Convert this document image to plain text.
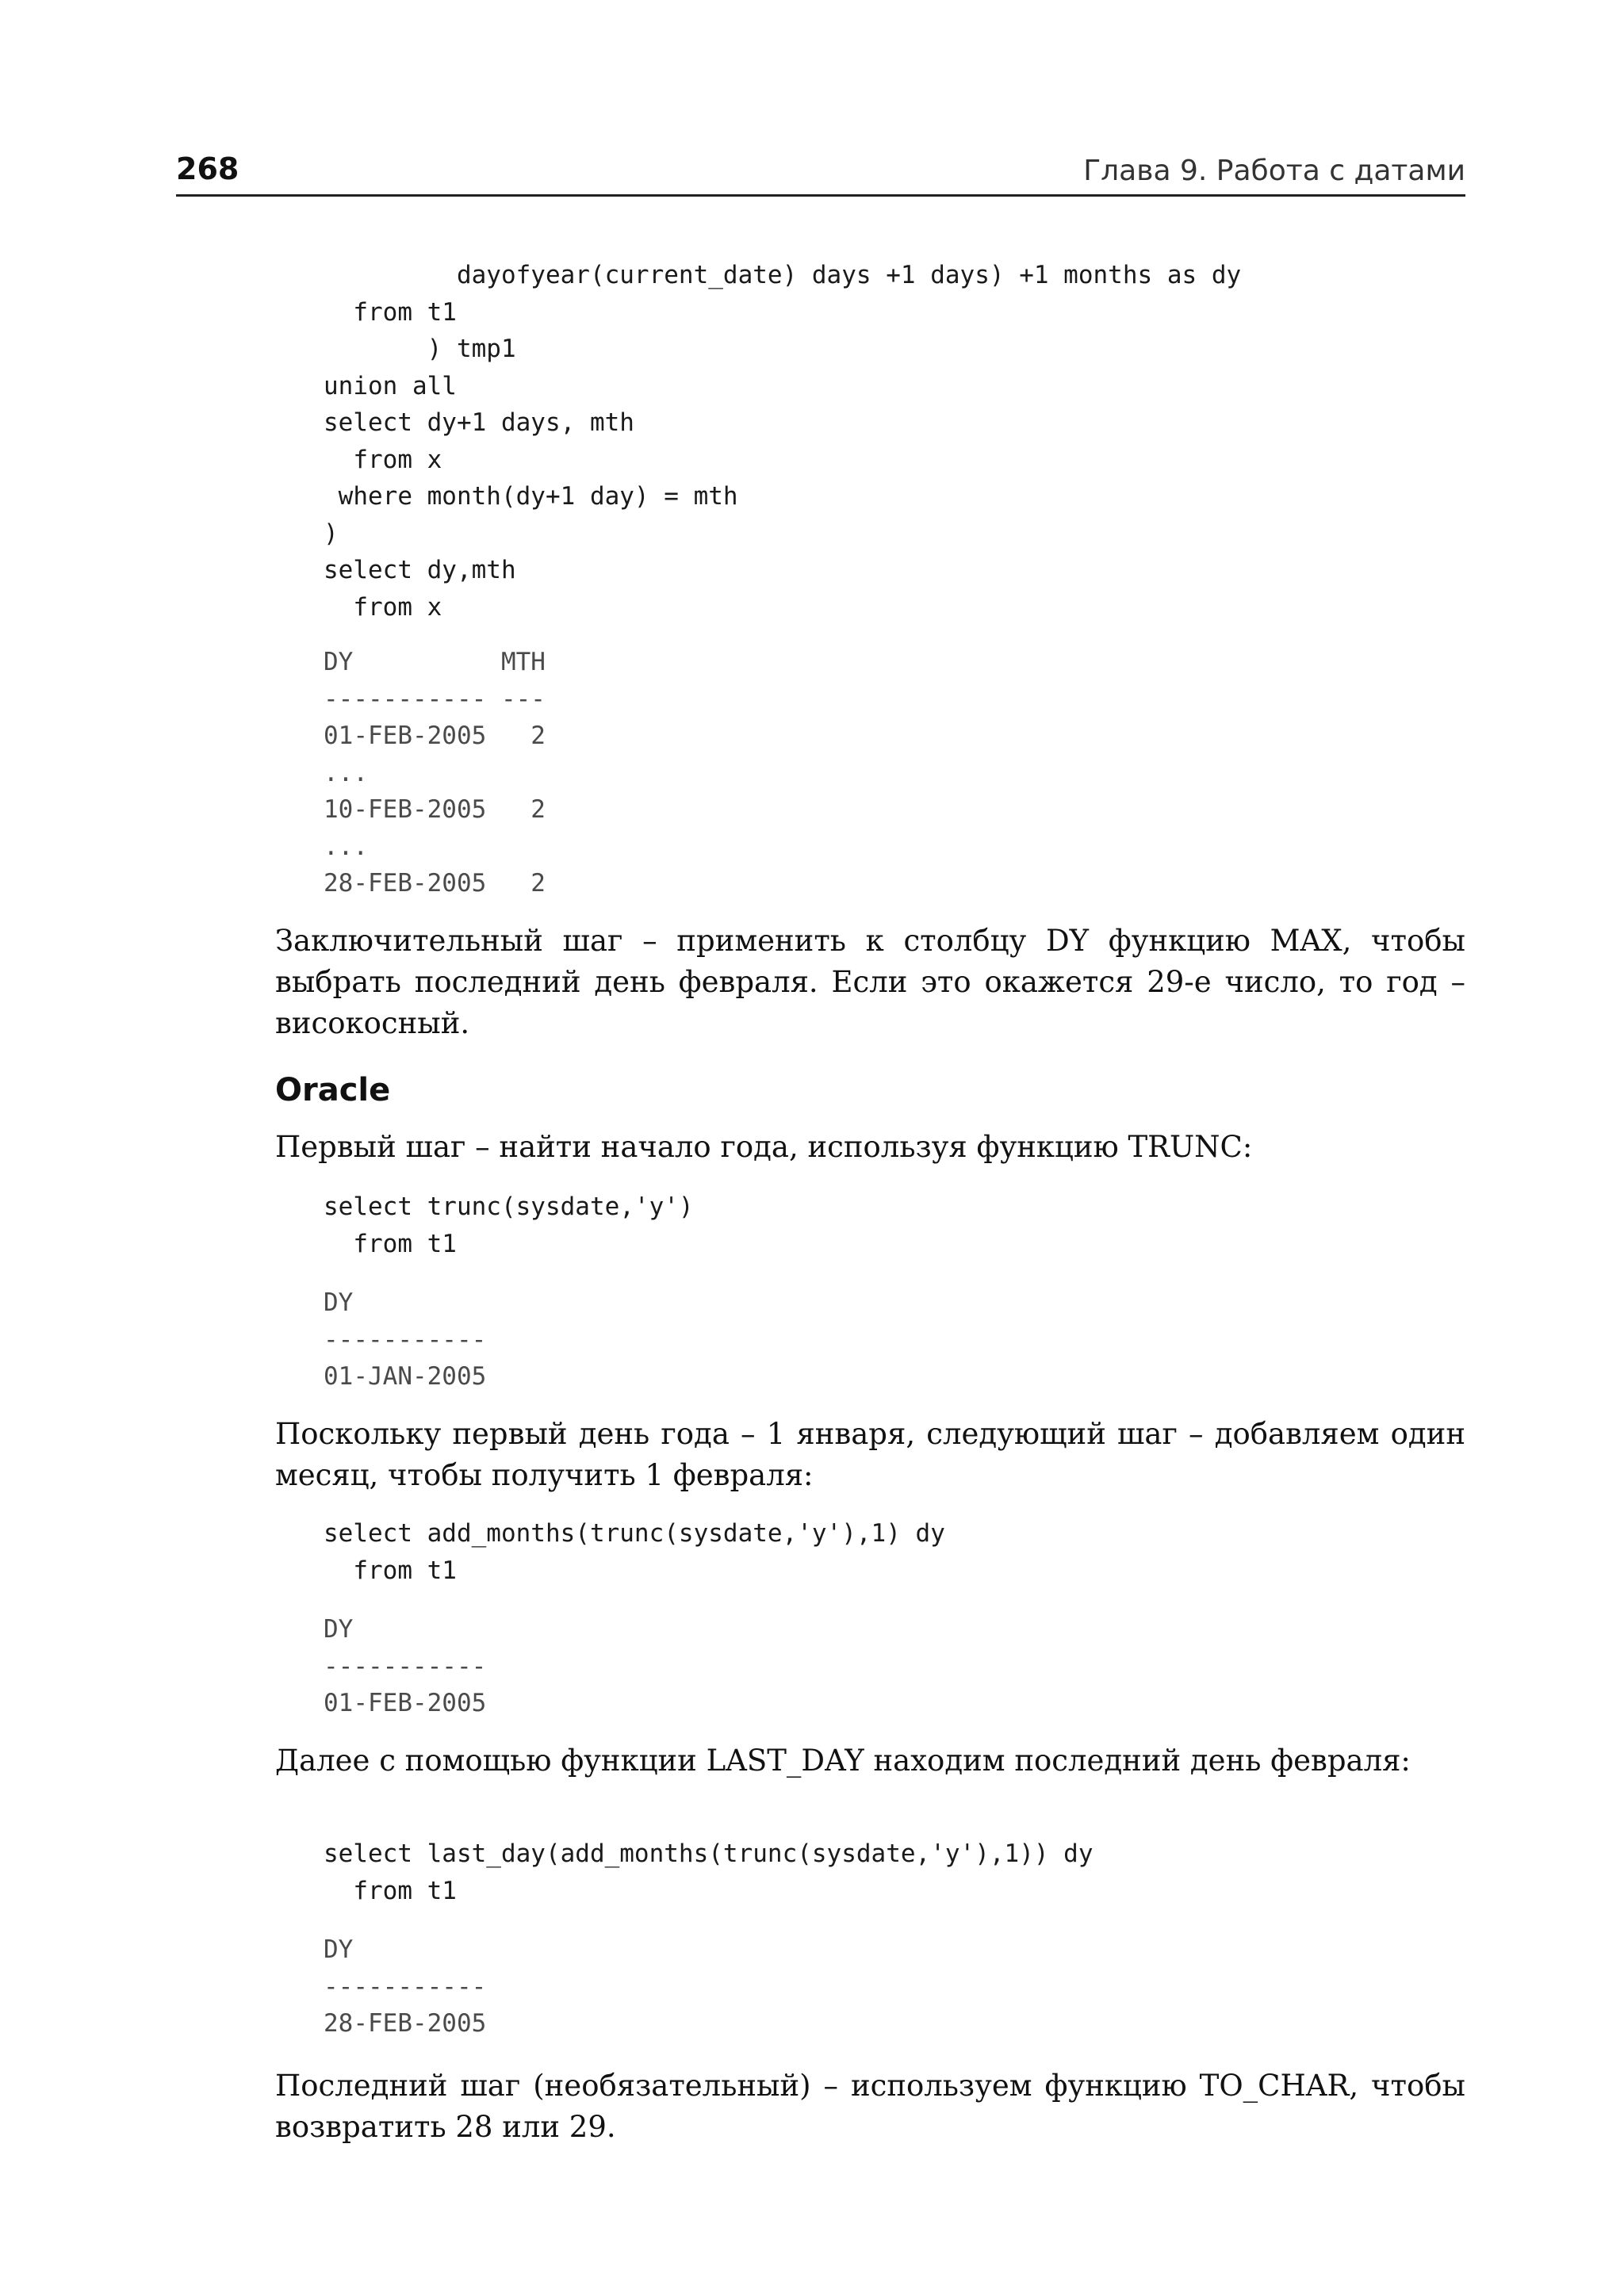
268	Глава 9. Работа с датами
dayofyear(current_date) days +1 days) +1 months as dy
from t1
) tmp1
union all
select dy+1 days, mth
from x
where month(dy+1 day) = mth
)
select dy,mth
from x
DY          MTH
----------- ---
01-FEB-2005   2
...
10-FEB-2005   2
...
28-FEB-2005   2

Заключительный шаг – применить к столбцу DY функцию MAX, чтобы выбрать последний день февраля. Если это окажется 29-е число, то год – високосный.

Oracle

Первый шаг – найти начало года, используя функцию TRUNC:

select trunc(sysdate,'y')
from t1
DY
-----------
01-JAN-2005

Поскольку первый день года – 1 января, следующий шаг – добавляем один месяц, чтобы получить 1 февраля:

select add_months(trunc(sysdate,'y'),1) dy
from t1
DY
-----------
01-FEB-2005

Далее с помощью функции LAST_DAY находим последний день февраля:

select last_day(add_months(trunc(sysdate,'y'),1)) dy
from t1
DY
-----------
28-FEB-2005

Последний шаг (необязательный) – используем функцию TO_CHAR, чтобы возвратить 28 или 29.
